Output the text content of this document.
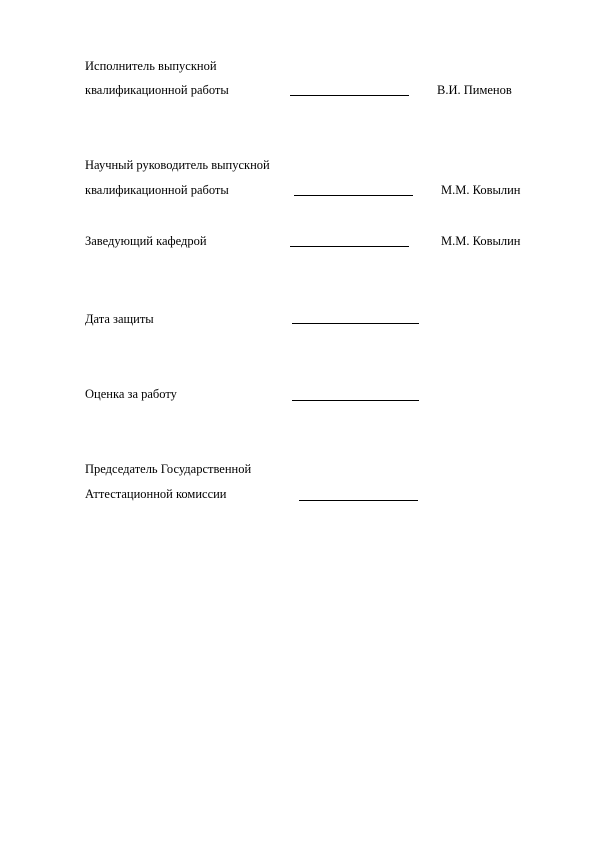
Исполнитель выпускной
квалификационной работы	В.И. Пименов
Научный руководитель выпускной
квалификационной работы	М.М. Ковылин
Заведующий кафедрой	М.М. Ковылин
Дата защиты
Оценка за работу
Председатель Государственной
Аттестационной комиссии
